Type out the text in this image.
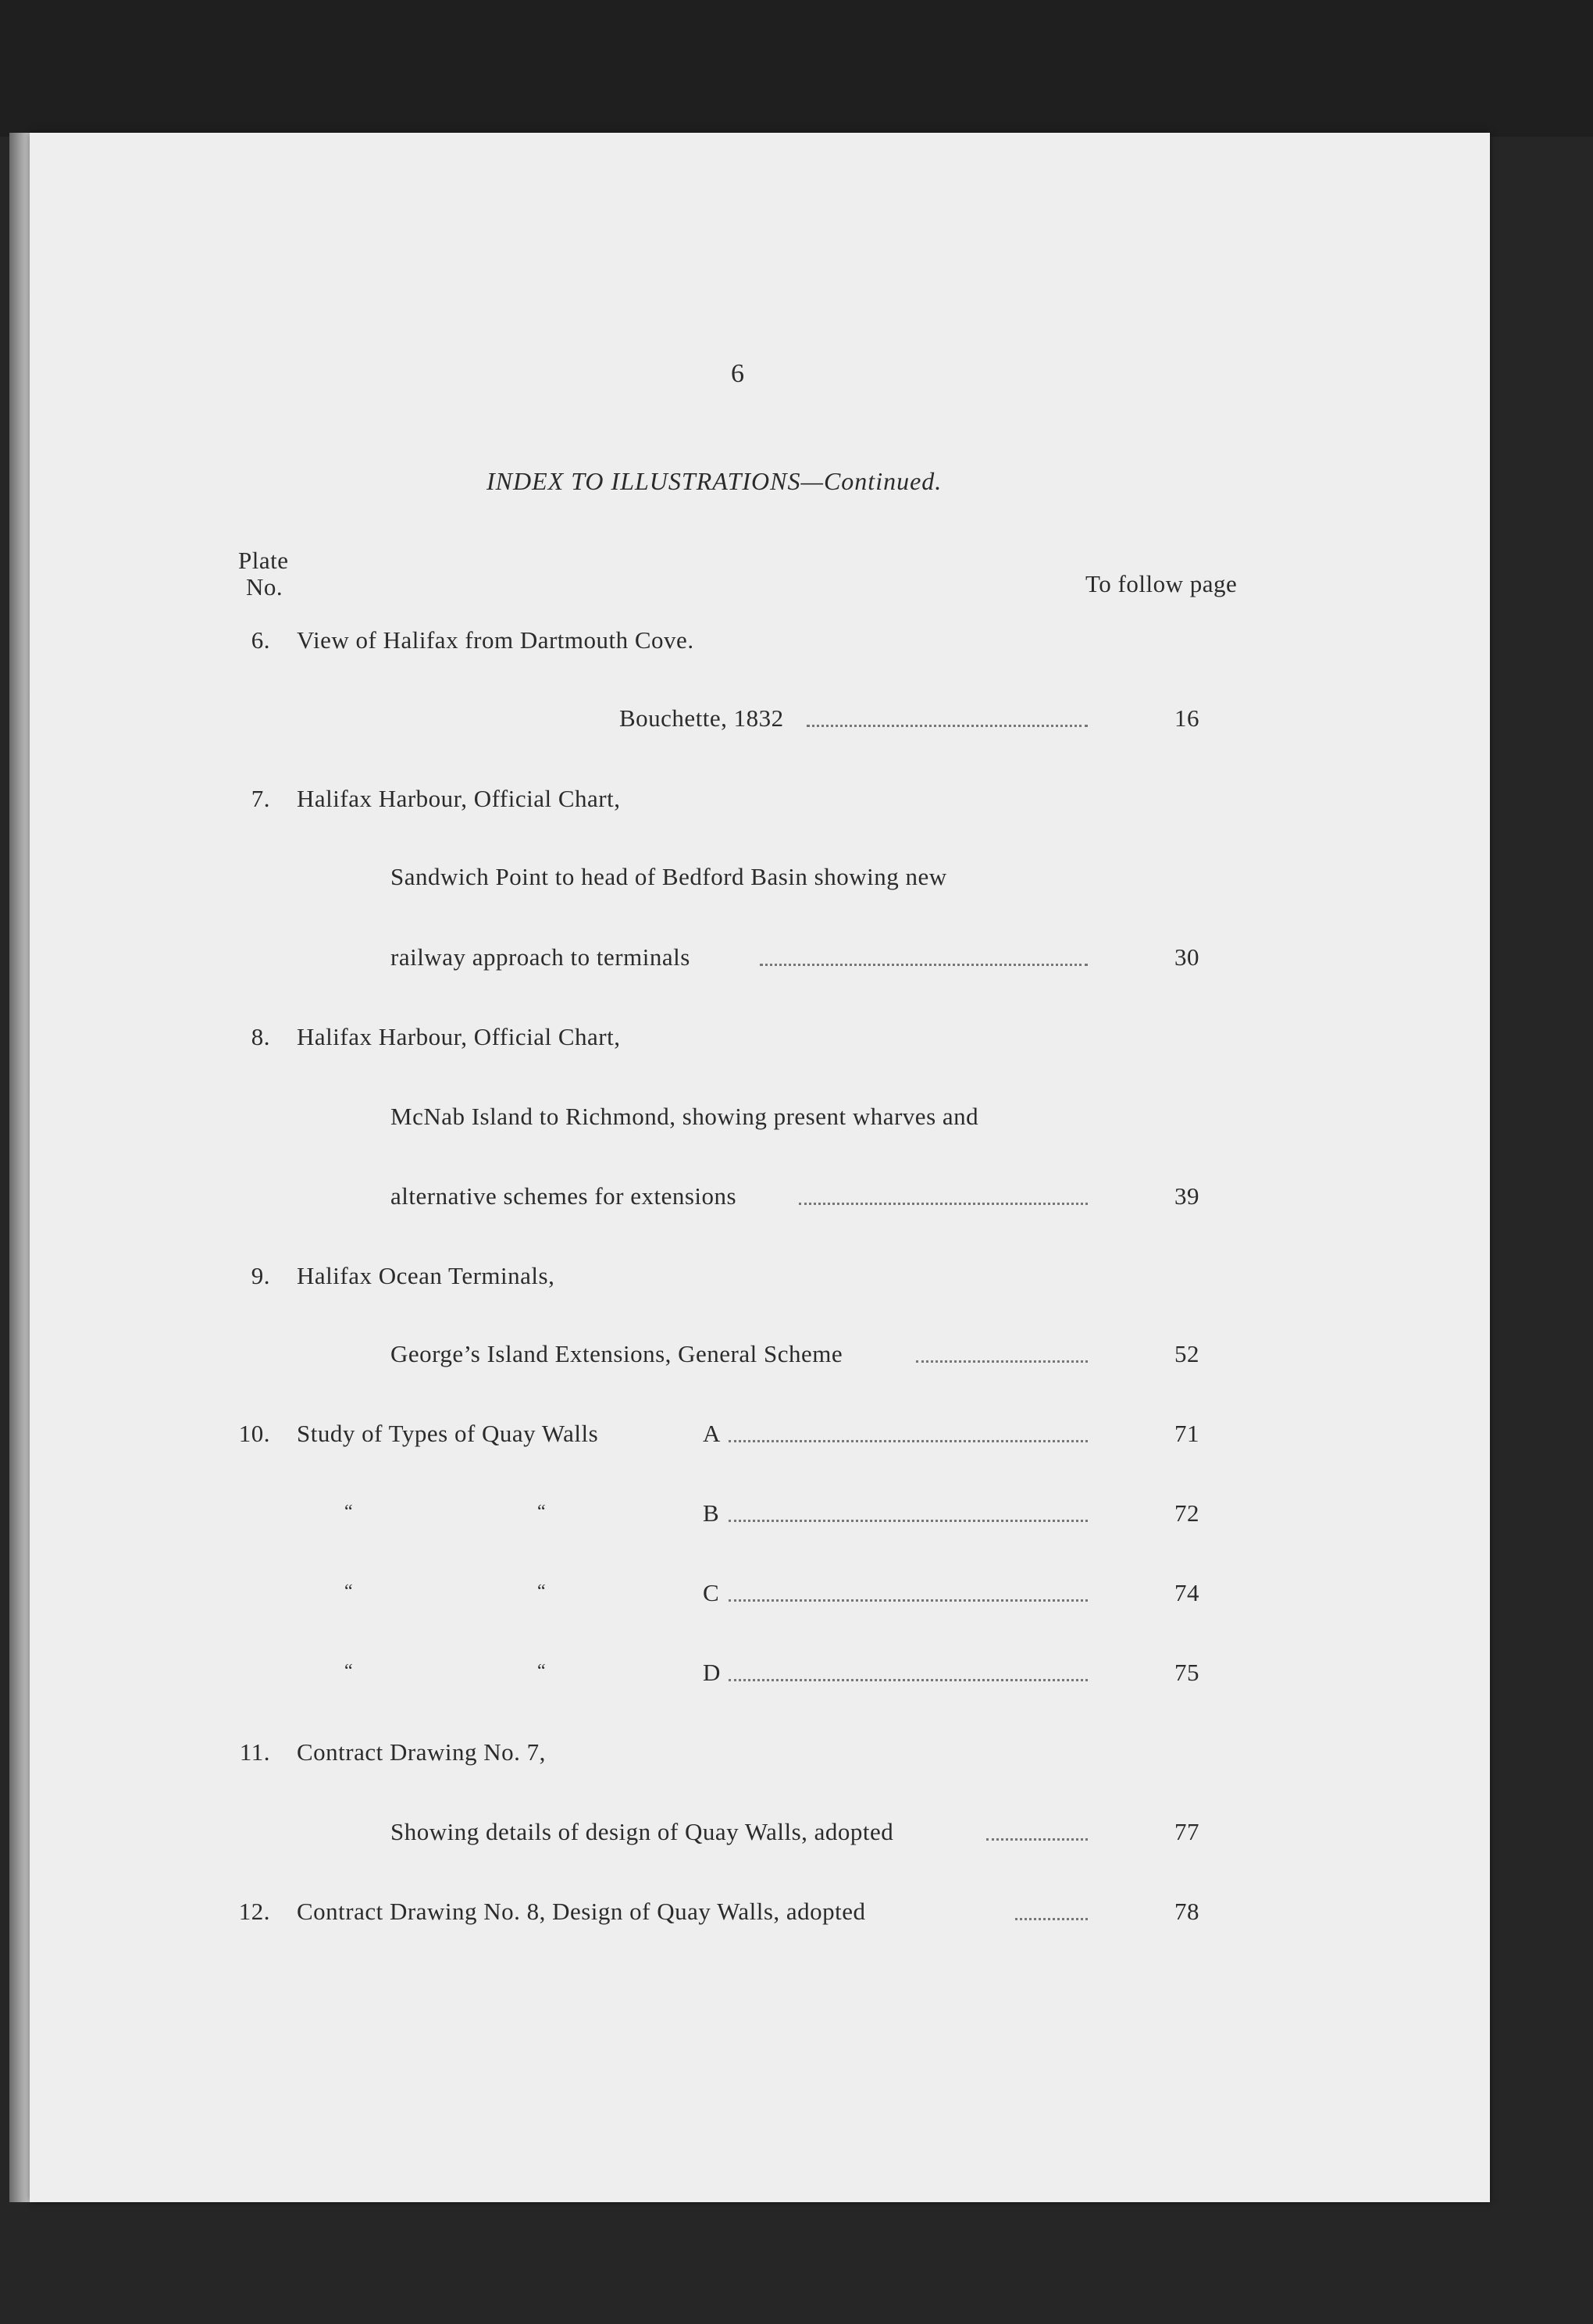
6
INDEX TO ILLUSTRATIONS—Continued.
Plate
No.	To follow page
6. View of Halifax from Dartmouth Cove.
Bouchette, 1832	16
7. Halifax Harbour, Official Chart,
Sandwich Point to head of Bedford Basin showing new
railway approach to terminals	30
8. Halifax Harbour, Official Chart,
McNab Island to Richmond, showing present wharves and
alternative schemes for extensions	39
9. Halifax Ocean Terminals,
George’s Island Extensions, General Scheme	52
10. Study of Types of Quay Walls	A	71
“	“	B	72
“	“	C	74
“	“	D	75
11. Contract Drawing No. 7,
Showing details of design of Quay Walls, adopted	77
12. Contract Drawing No. 8, Design of Quay Walls, adopted	78
